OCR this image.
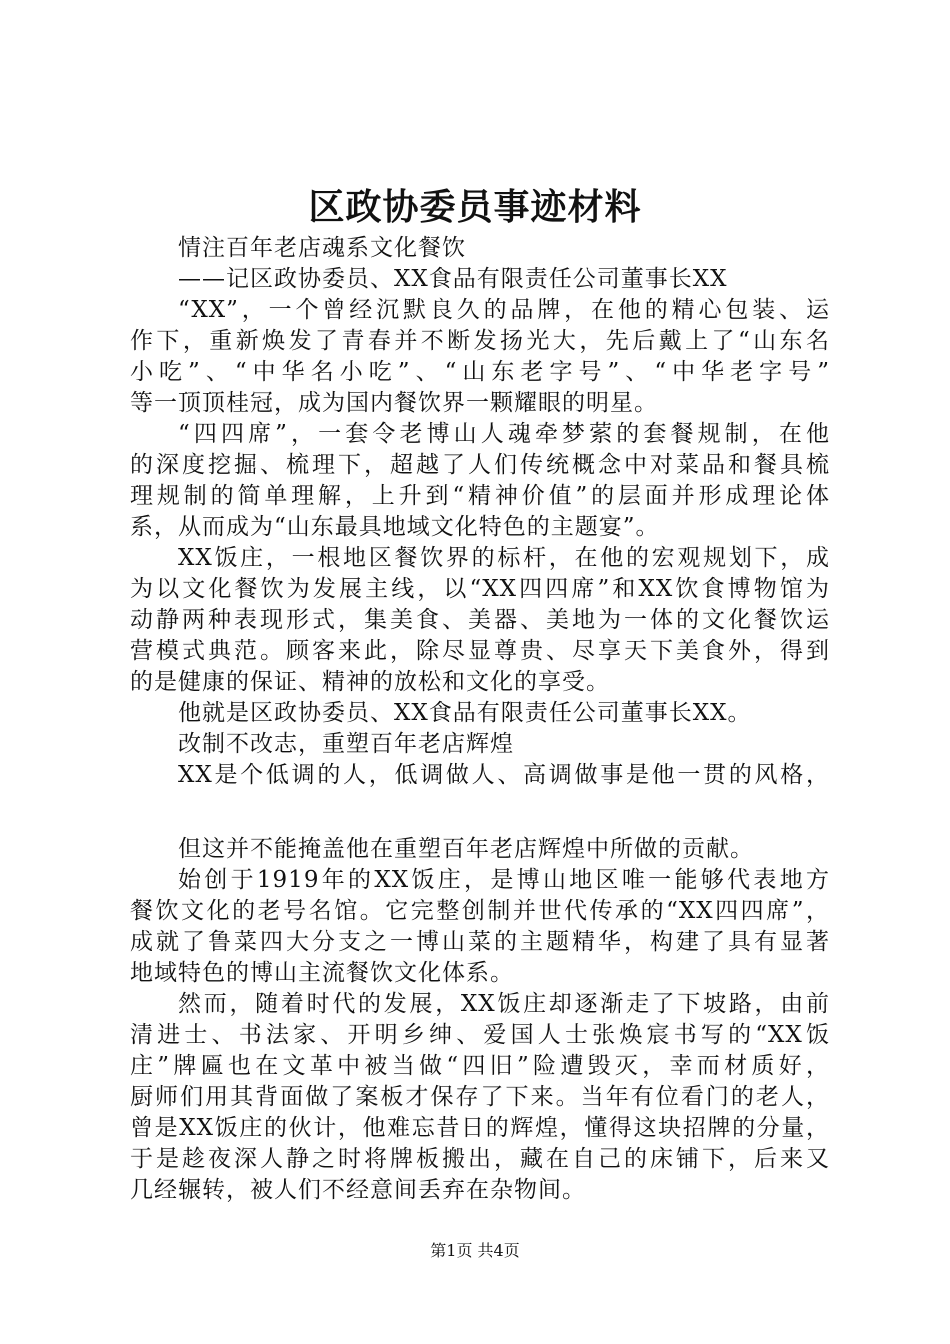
区政协委员事迹材料
情注百年老店魂系文化餐饮
——记区政协委员、XX食品有限责任公司董事长XX
“XX”，一个曾经沉默良久的品牌，在他的精心包装、运
作下，重新焕发了青春并不断发扬光大，先后戴上了“山东名
小吃”、“中华名小吃”、“山东老字号”、“中华老字号”
等一顶顶桂冠，成为国内餐饮界一颗耀眼的明星。
“四四席”，一套令老博山人魂牵梦萦的套餐规制，在他
的深度挖掘、梳理下，超越了人们传统概念中对菜品和餐具梳
理规制的简单理解，上升到“精神价值”的层面并形成理论体
系，从而成为“山东最具地域文化特色的主题宴”。
XX饭庄，一根地区餐饮界的标杆，在他的宏观规划下，成
为以文化餐饮为发展主线，以“XX四四席”和XX饮食博物馆为
动静两种表现形式，集美食、美器、美地为一体的文化餐饮运
营模式典范。顾客来此，除尽显尊贵、尽享天下美食外，得到
的是健康的保证、精神的放松和文化的享受。
他就是区政协委员、XX食品有限责任公司董事长XX。
改制不改志，重塑百年老店辉煌
XX是个低调的人，低调做人、高调做事是他一贯的风格，
但这并不能掩盖他在重塑百年老店辉煌中所做的贡献。
始创于1919年的XX饭庄，是博山地区唯一能够代表地方
餐饮文化的老号名馆。它完整创制并世代传承的“XX四四席”，
成就了鲁菜四大分支之一博山菜的主题精华，构建了具有显著
地域特色的博山主流餐饮文化体系。
然而，随着时代的发展，XX饭庄却逐渐走了下坡路，由前
清进士、书法家、开明乡绅、爱国人士张焕宸书写的“XX饭
庄”牌匾也在文革中被当做“四旧”险遭毁灭，幸而材质好，
厨师们用其背面做了案板才保存了下来。当年有位看门的老人，
曾是XX饭庄的伙计，他难忘昔日的辉煌，懂得这块招牌的分量，
于是趁夜深人静之时将牌板搬出，藏在自己的床铺下，后来又
几经辗转，被人们不经意间丢弃在杂物间。
第1页 共4页
